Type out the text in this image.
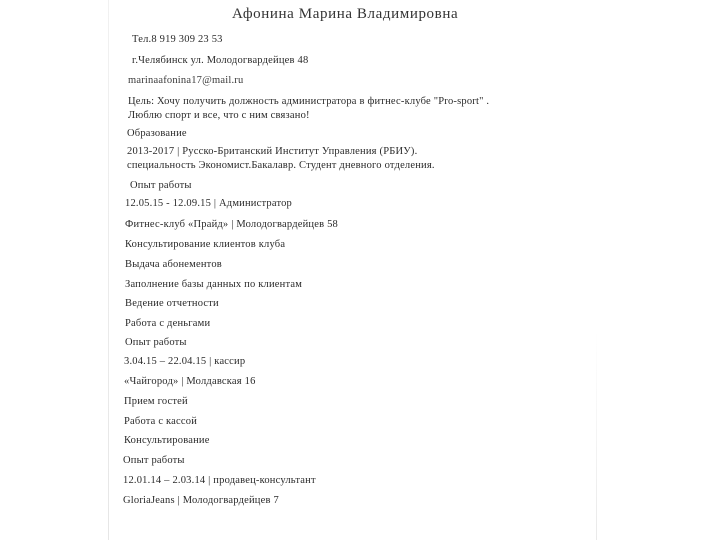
Афонина Марина Владимировна
Тел.8 919 309 23 53
г.Челябинск ул. Молодогвардейцев 48
marinaafonina17@mail.ru
Цель: Хочу получить должность администратора в фитнес-клубе "Pro-sport" .
Люблю спорт и все, что с ним связано!
Образование
2013-2017 | Русско-Британский Институт Управления (РБИУ).
специальность Экономист.Бакалавр. Студент дневного отделения.
Опыт работы
12.05.15 - 12.09.15 | Администратор
Фитнес-клуб «Прайд» | Молодогвардейцев 58
Консультирование клиентов клуба
Выдача абонементов
Заполнение базы данных по клиентам
Ведение отчетности
Работа с деньгами
Опыт работы
3.04.15 – 22.04.15 | кассир
«Чайгород» | Молдавская 16
Прием гостей
Работа с кассой
Консультирование
Опыт работы
12.01.14 – 2.03.14 | продавец-консультант
GloriaJeans | Молодогвардейцев 7
